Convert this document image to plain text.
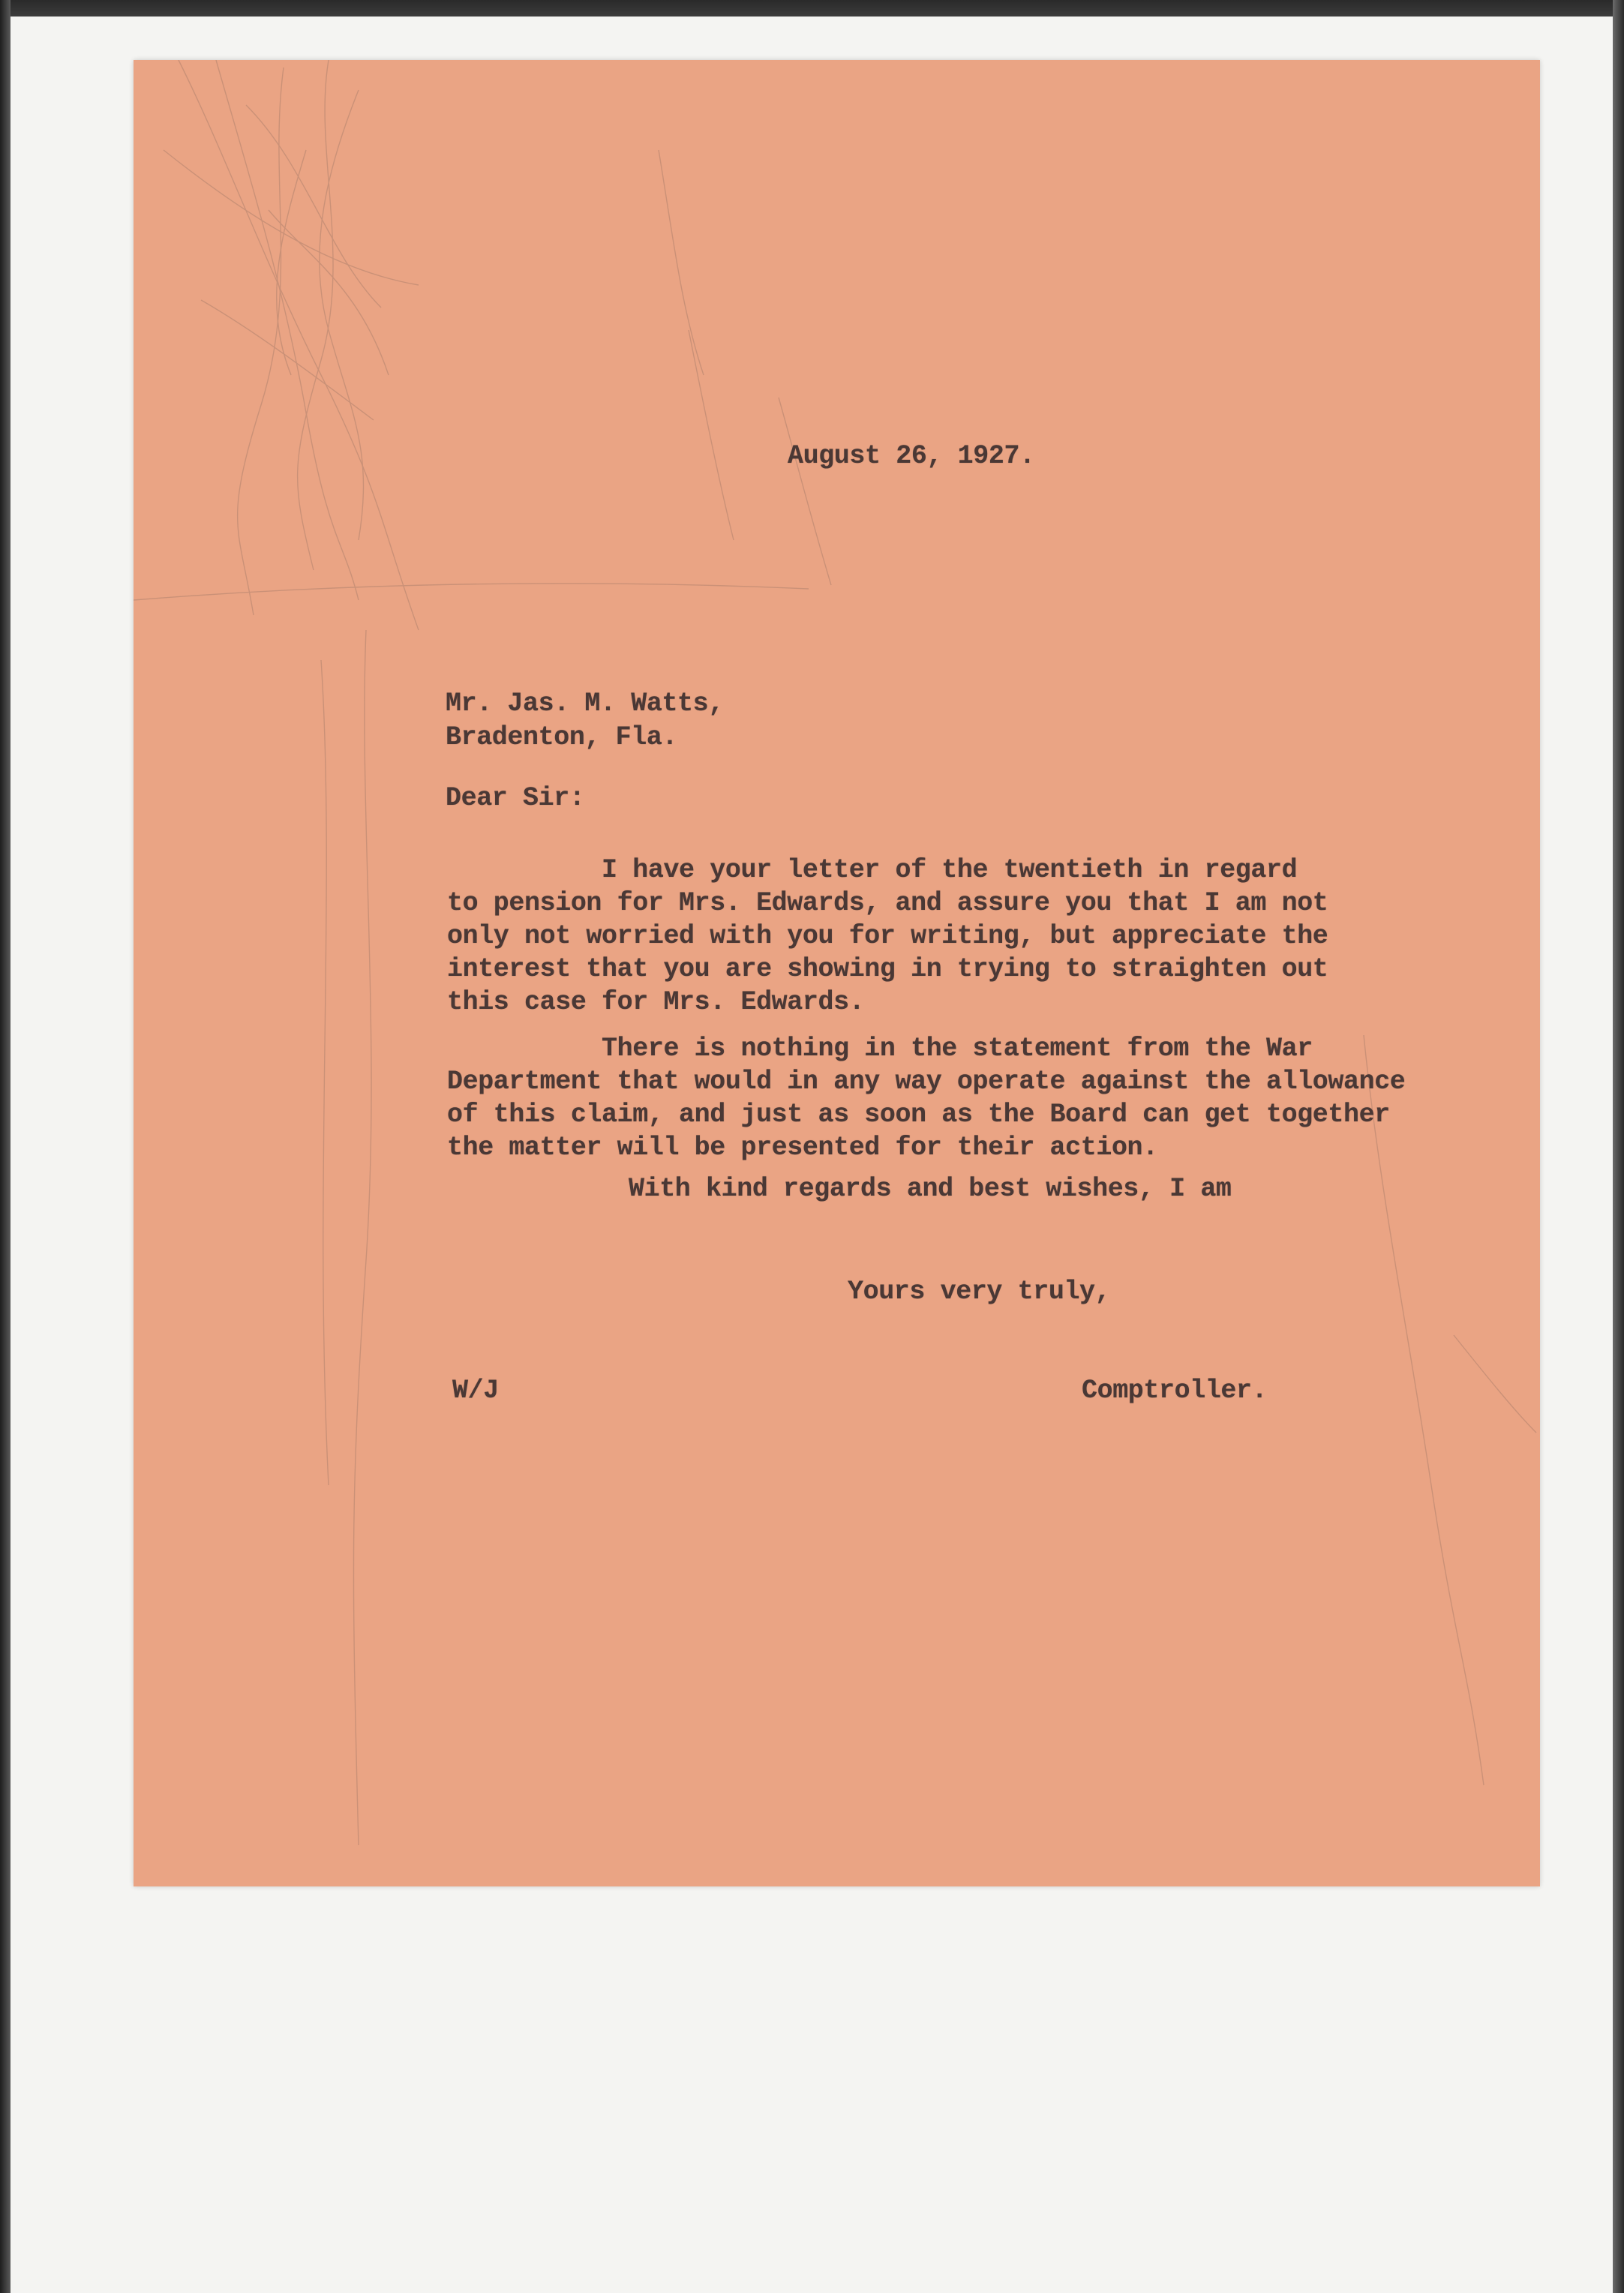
August 26, 1927.

Mr. Jas. M. Watts,

Bradenton, Fla.

Dear Sir:

I have your letter of the twentieth in regard
to pension for Mrs. Edwards, and assure you that I am not
only not worried with you for writing, but appreciate the
interest that you are showing in trying to straighten out
this case for Mrs. Edwards.

There is nothing in the statement from the War
Department that would in any way operate against the allowance
of this claim, and just as soon as the Board can get together
the matter will be presented for their action.

With kind regards and best wishes, I am

Yours very truly,

W/J	Comptroller.
